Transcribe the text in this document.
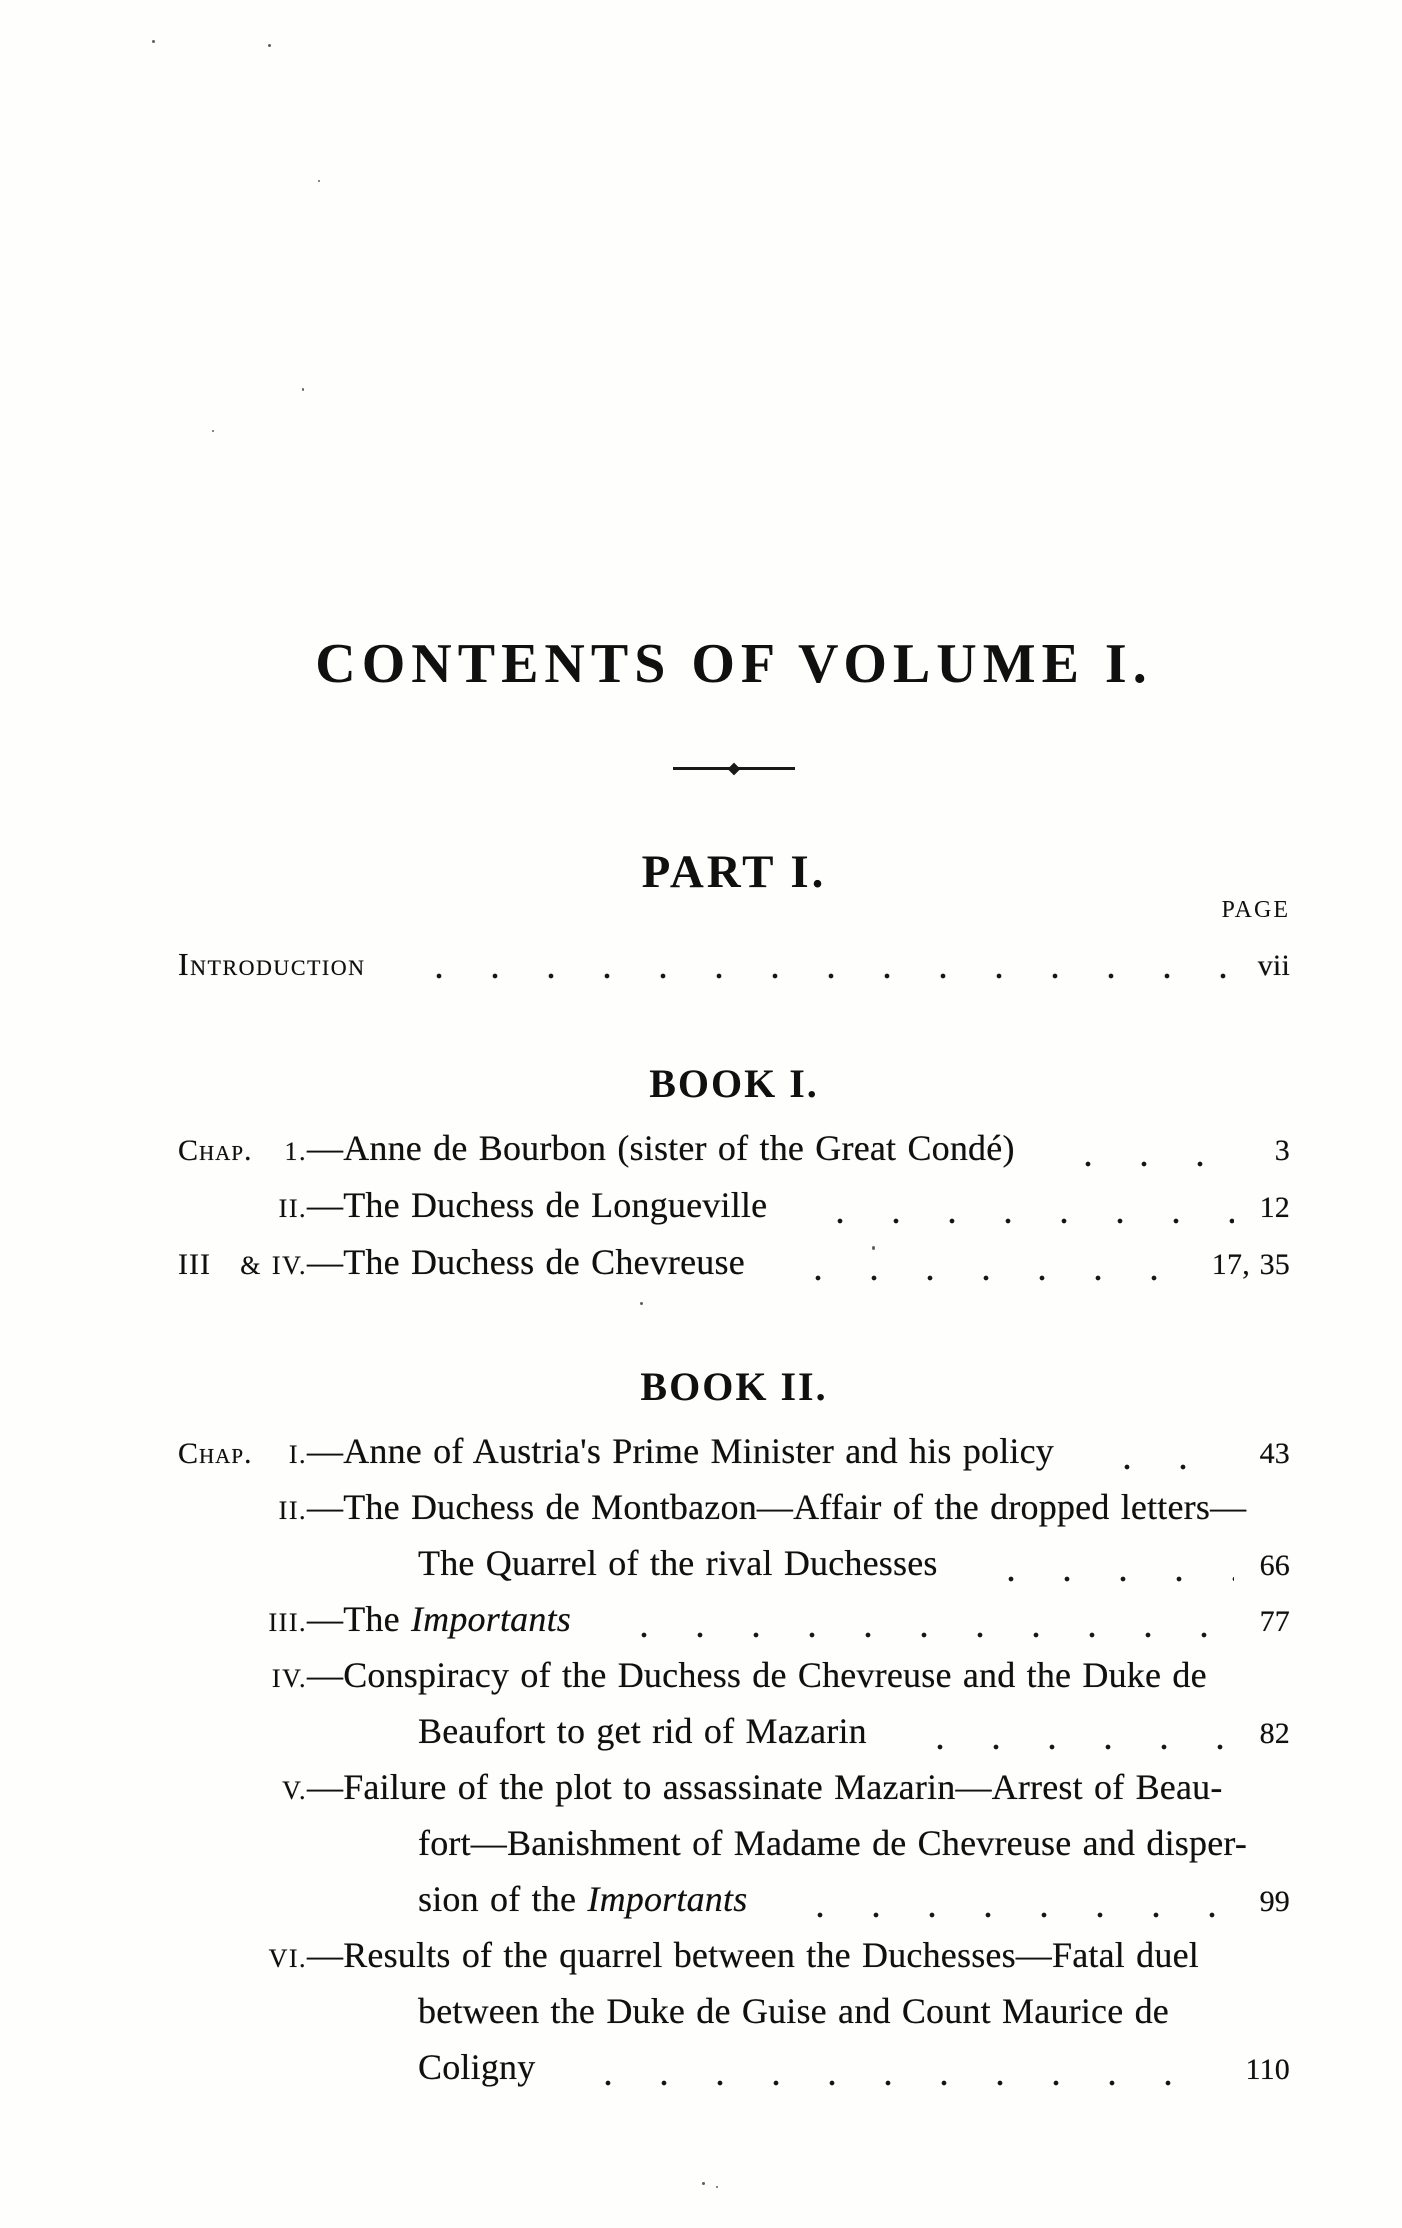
CONTENTS OF VOLUME I.
PART I.
PAGE
Introduction	vii
BOOK I.
Chap. 1. —Anne de Bourbon (sister of the Great Condé)	3
II. —The Duchess de Longueville	12
III & IV. —The Duchess de Chevreuse	17, 35
BOOK II.
Chap. I. —Anne of Austria's Prime Minister and his policy	43
II. —The Duchess de Montbazon—Affair of the dropped letters—
The Quarrel of the rival Duchesses	66
III. —The Importants	77
IV. —Conspiracy of the Duchess de Chevreuse and the Duke de
Beaufort to get rid of Mazarin	82
V. —Failure of the plot to assassinate Mazarin—Arrest of Beau-
fort—Banishment of Madame de Chevreuse and disper-
sion of the Importants	99
VI. —Results of the quarrel between the Duchesses—Fatal duel
between the Duke de Guise and Count Maurice de
Coligny	110
